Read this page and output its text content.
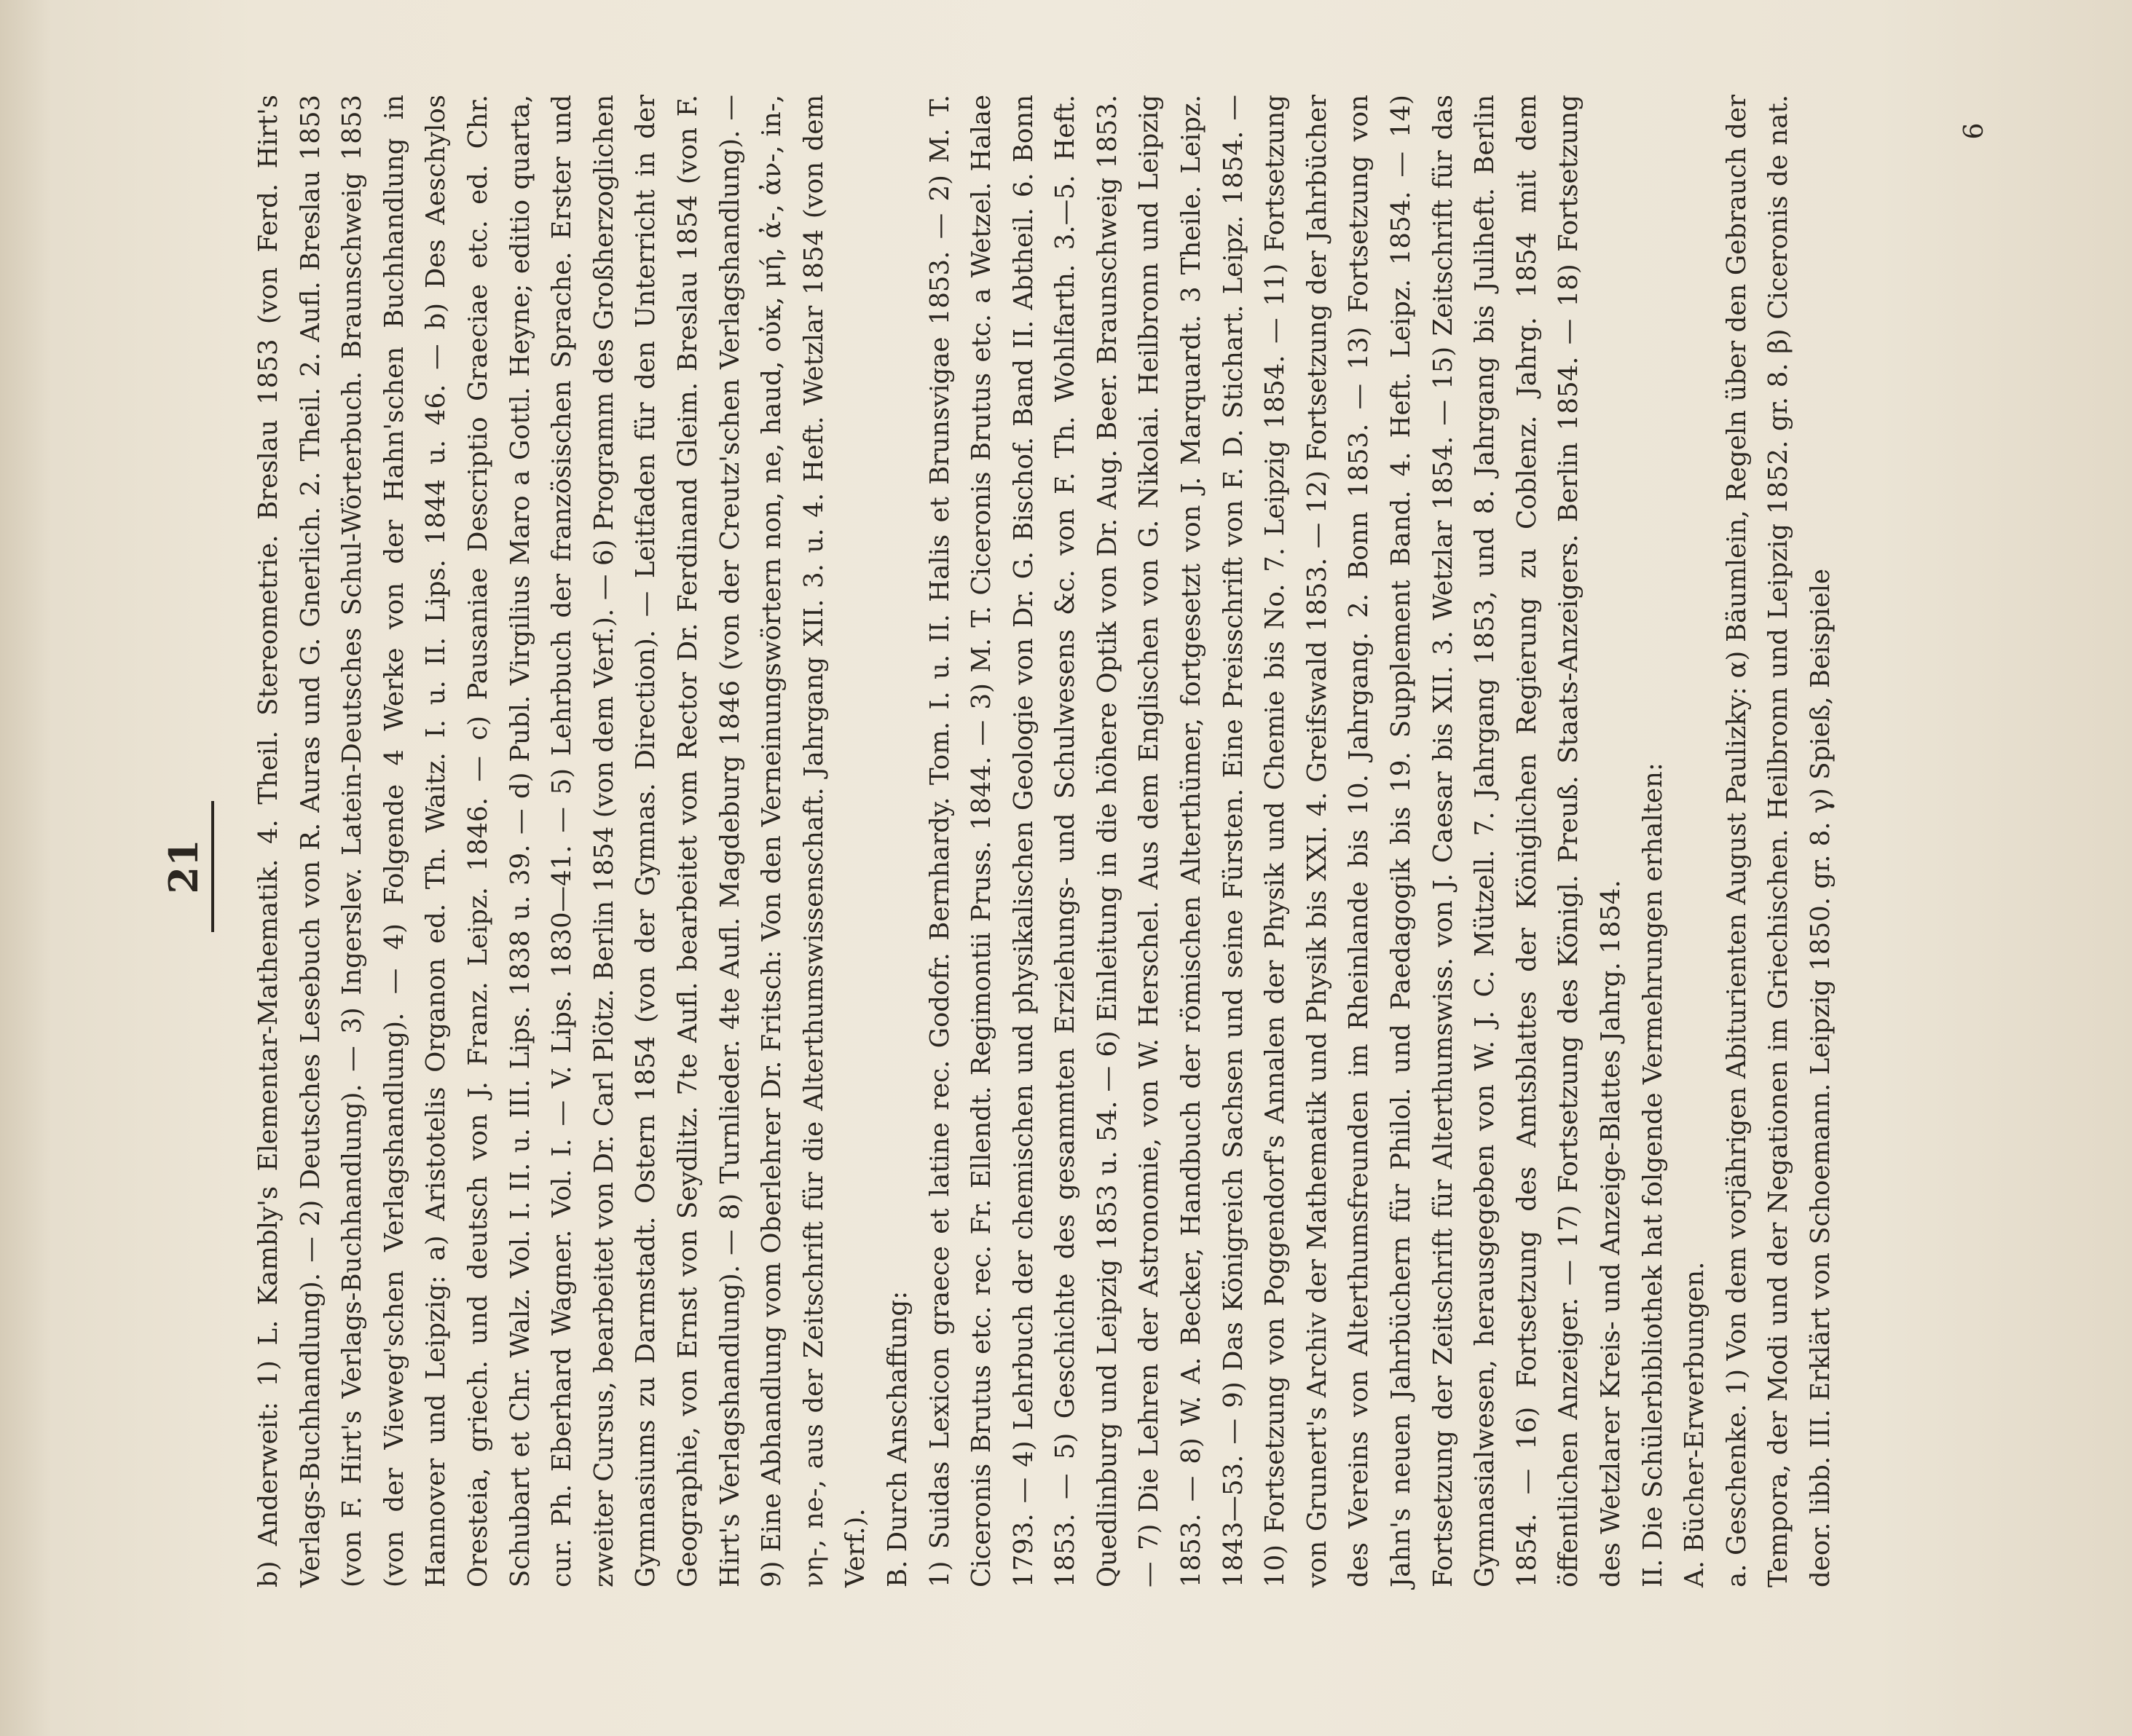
21 b) Anderweit: 1) L. Kambly's Elementar-Mathematik. 4. Theil. Stereometrie. Breslau 1853 (von Ferd. Hirt's Verlags-Buchhandlung). — 2) Deutsches Lesebuch von R. Auras und G. Gnerlich. 2. Theil. 2. Aufl. Breslau 1853 (von F. Hirt's Verlags-Buchhandlung). — 3) Ingerslev. Latein-Deutsches Schul-Wörterbuch. Braunschweig 1853 (von der Vieweg'schen Verlagshandlung). — 4) Folgende 4 Werke von der Hahn'schen Buchhandlung in Hannover und Leipzig: a) Aristotelis Organon ed. Th. Waitz. I. u. II. Lips. 1844 u. 46. — b) Des Aeschylos Oresteia, griech. und deutsch von J. Franz. Leipz. 1846. — c) Pausaniae Descriptio Graeciae etc. ed. Chr. Schubart et Chr. Walz. Vol. I. II. u. III. Lips. 1838 u. 39. — d) Publ. Virgilius Maro a Gottl. Heyne; editio quarta, cur. Ph. Eberhard Wagner. Vol. I. — V. Lips. 1830—41. — 5) Lehrbuch der französischen Sprache. Erster und zweiter Cursus, bearbeitet von Dr. Carl Plötz. Berlin 1854 (von dem Verf.). — 6) Programm des Großherzoglichen Gymnasiums zu Darmstadt. Ostern 1854 (von der Gymnas. Direction). — Leitfaden für den Unterricht in der Geographie, von Ernst von Seydlitz. 7te Aufl. bearbeitet vom Rector Dr. Ferdinand Gleim. Breslau 1854 (von F. Hirt's Verlagshandlung). — 8) Turnlieder. 4te Aufl. Magdeburg 1846 (von der Creutz'schen Verlagshandlung). — 9) Eine Abhandlung vom Oberlehrer Dr. Fritsch: Von den Verneinungswörtern non, ne, haud, οὐκ, μή, ἀ-, ἀν-, in-, νη-, ne-, aus der Zeitschrift für die Alterthumswissenschaft. Jahrgang XII. 3. u. 4. Heft. Wetzlar 1854 (von dem Verf.). B. Durch Anschaffung: 1) Suidas Lexicon graece et latine rec. Godofr. Bernhardy. Tom. I. u. II. Halis et Brunsvigae 1853. — 2) M. T. Ciceronis Brutus etc. rec. Fr. Ellendt. Regimontii Pruss. 1844. — 3) M. T. Ciceronis Brutus etc. a Wetzel. Halae 1793. — 4) Lehrbuch der chemischen und physikalischen Geologie von Dr. G. Bischof. Band II. Abtheil. 6. Bonn 1853. — 5) Geschichte des gesammten Erziehungs- und Schulwesens &c. von F. Th. Wohlfarth. 3.—5. Heft. Quedlinburg und Leipzig 1853 u. 54. — 6) Einleitung in die höhere Optik von Dr. Aug. Beer. Braunschweig 1853. — 7) Die Lehren der Astronomie, von W. Herschel. Aus dem Englischen von G. Nikolai. Heilbronn und Leipzig 1853. — 8) W. A. Becker, Handbuch der römischen Alterthümer, fortgesetzt von J. Marquardt. 3 Theile. Leipz. 1843—53. — 9) Das Königreich Sachsen und seine Fürsten. Eine Preisschrift von F. D. Stichart. Leipz. 1854. — 10) Fortsetzung von Poggendorf's Annalen der Physik und Chemie bis No. 7. Leipzig 1854. — 11) Fortsetzung von Grunert's Archiv der Mathematik und Physik bis XXI. 4. Greifswald 1853. — 12) Fortsetzung der Jahrbücher des Vereins von Alterthumsfreunden im Rheinlande bis 10. Jahrgang. 2. Bonn 1853. — 13) Fortsetzung von Jahn's neuen Jahrbüchern für Philol. und Paedagogik bis 19. Supplement Band. 4. Heft. Leipz. 1854. — 14) Fortsetzung der Zeitschrift für Alterthumswiss. von J. Caesar bis XII. 3. Wetzlar 1854. — 15) Zeitschrift für das Gymnasialwesen, herausgegeben von W. J. C. Mützell. 7. Jahrgang 1853, und 8. Jahrgang bis Juliheft. Berlin 1854. — 16) Fortsetzung des Amtsblattes der Königlichen Regierung zu Coblenz. Jahrg. 1854 mit dem öffentlichen Anzeiger. — 17) Fortsetzung des Königl. Preuß. Staats-Anzeigers. Berlin 1854. — 18) Fortsetzung des Wetzlarer Kreis- und Anzeige-Blattes Jahrg. 1854. II. Die Schülerbibliothek hat folgende Vermehrungen erhalten: A. Bücher-Erwerbungen. a. Geschenke. 1) Von dem vorjährigen Abiturienten August Paulizky: α) Bäumlein, Regeln über den Gebrauch der Tempora, der Modi und der Negationen im Griechischen. Heilbronn und Leipzig 1852. gr. 8. β) Ciceronis de nat. deor. libb. III. Erklärt von Schoemann. Leipzig 1850. gr. 8. γ) Spieß, Beispiele

6
